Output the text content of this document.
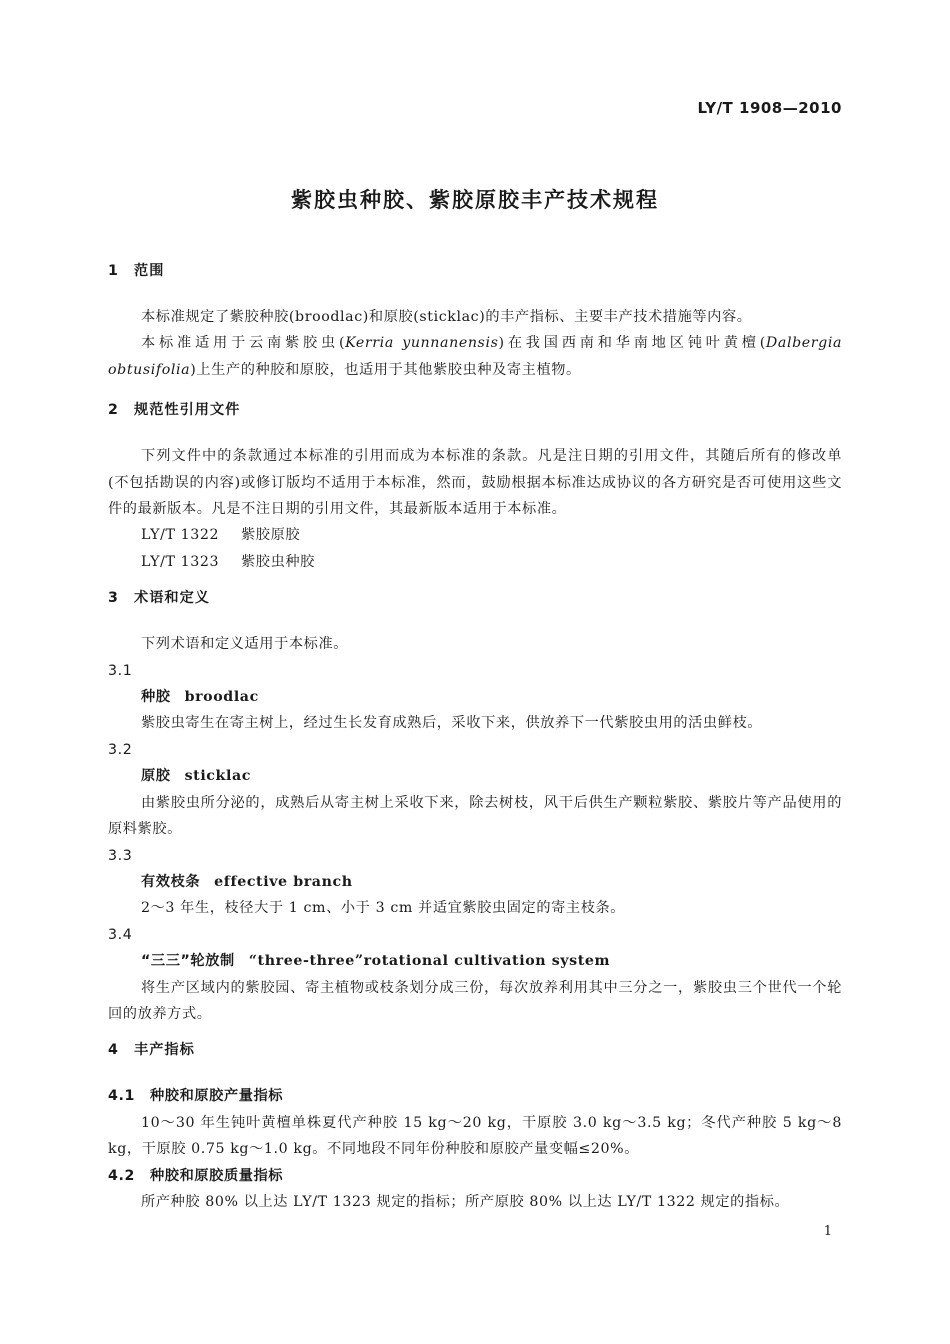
LY/T 1908—2010
紫胶虫种胶、紫胶原胶丰产技术规程
1 范围

本标准规定了紫胶种胶(broodlac)和原胶(sticklac)的丰产指标、主要丰产技术措施等内容。

本标准适用于云南紫胶虫(Kerria yunnanensis)在我国西南和华南地区钝叶黄檀(Dalbergia obtusifolia)上生产的种胶和原胶，也适用于其他紫胶虫种及寄主植物。

2 规范性引用文件

下列文件中的条款通过本标准的引用而成为本标准的条款。凡是注日期的引用文件，其随后所有的修改单(不包括勘误的内容)或修订版均不适用于本标准，然而，鼓励根据本标准达成协议的各方研究是否可使用这些文件的最新版本。凡是不注日期的引用文件，其最新版本适用于本标准。

LY/T 1322 紫胶原胶
LY/T 1323 紫胶虫种胶
3 术语和定义

下列术语和定义适用于本标准。

3.1
种胶 broodlac

紫胶虫寄生在寄主树上，经过生长发育成熟后，采收下来，供放养下一代紫胶虫用的活虫鲜枝。

3.2
原胶 sticklac

由紫胶虫所分泌的，成熟后从寄主树上采收下来，除去树枝，风干后供生产颗粒紫胶、紫胶片等产品使用的原料紫胶。

3.3
有效枝条 effective branch

2～3 年生，枝径大于 1 cm、小于 3 cm 并适宜紫胶虫固定的寄主枝条。

3.4
“三三”轮放制 “three-three”rotational cultivation system

将生产区域内的紫胶园、寄主植物或枝条划分成三份，每次放养利用其中三分之一，紫胶虫三个世代一个轮回的放养方式。

4 丰产指标
4.1 种胶和原胶产量指标

10～30 年生钝叶黄檀单株夏代产种胶 15 kg～20 kg，干原胶 3.0 kg～3.5 kg；冬代产种胶 5 kg～8 kg，干原胶 0.75 kg～1.0 kg。不同地段不同年份种胶和原胶产量变幅≤20%。

4.2 种胶和原胶质量指标

所产种胶 80% 以上达 LY/T 1323 规定的指标；所产原胶 80% 以上达 LY/T 1322 规定的指标。

1
